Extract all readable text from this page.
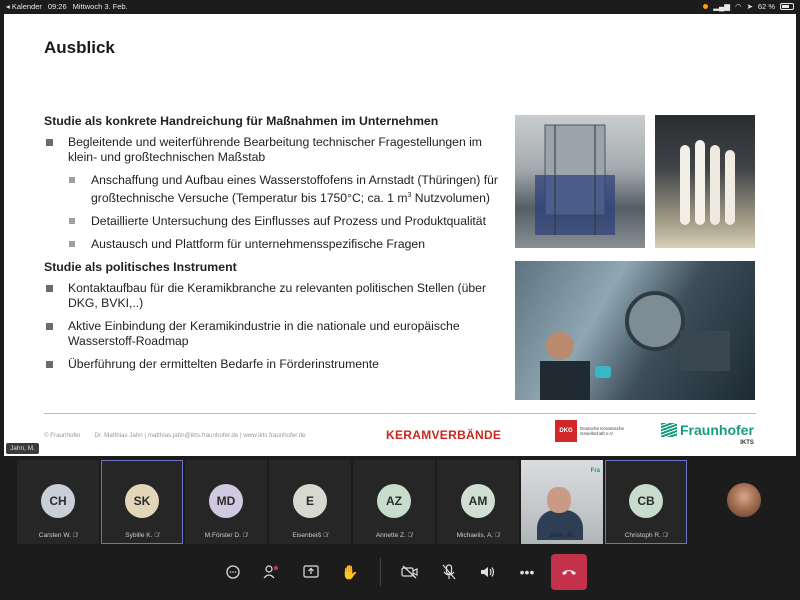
◂ Kalender 09:26 Mittwoch 3. Feb.	▂▄▆ ◠ ➤ 62 %
Ausblick
Studie als konkrete Handreichung für Maßnahmen im Unternehmen
Begleitende und weiterführende Bearbeitung technischer Fragestellungen im klein- und großtechnischen Maßstab
Anschaffung und Aufbau eines Wasserstoffofens in Arnstadt (Thüringen) für großtechnische Versuche (Temperatur bis 1750°C; ca. 1 $m^3$ Nutzvolumen)
Detaillierte Untersuchung des Einflusses auf Prozess und Produktqualität
Austausch und Plattform für unternehmensspezifische Fragen
Studie als politisches Instrument
Kontaktaufbau für die Keramikbranche zu relevanten politischen Stellen (über DKG, BVKI,..)
Aktive Einbindung der Keramikindustrie in die nationale und europäische Wasserstoff-Roadmap
Überführung der ermittelten Bedarfe in Förderinstrumente
© Fraunhofer Dr. Matthias Jahn | matthias.jahn@ikts.fraunhofer.de | www.ikts.fraunhofer.de	KERAMVERBÄNDE	DKG	Deutsche Keramische Gesellschaft e.V.	Fraunhofer
IKTS
Jahn, M.
CH
Carsten W. 🎙̸
SK
Sybille K. 🎙̸
MD
M.Förster D. 🎙̸
E
Eisenbeiß 🎙̸
AZ
Annette Z. 🎙̸
AM
Michaelis, A. 🎙̸
Fra
Jahn, M.
CB
Christoph R. 🎙̸
✋	•••
